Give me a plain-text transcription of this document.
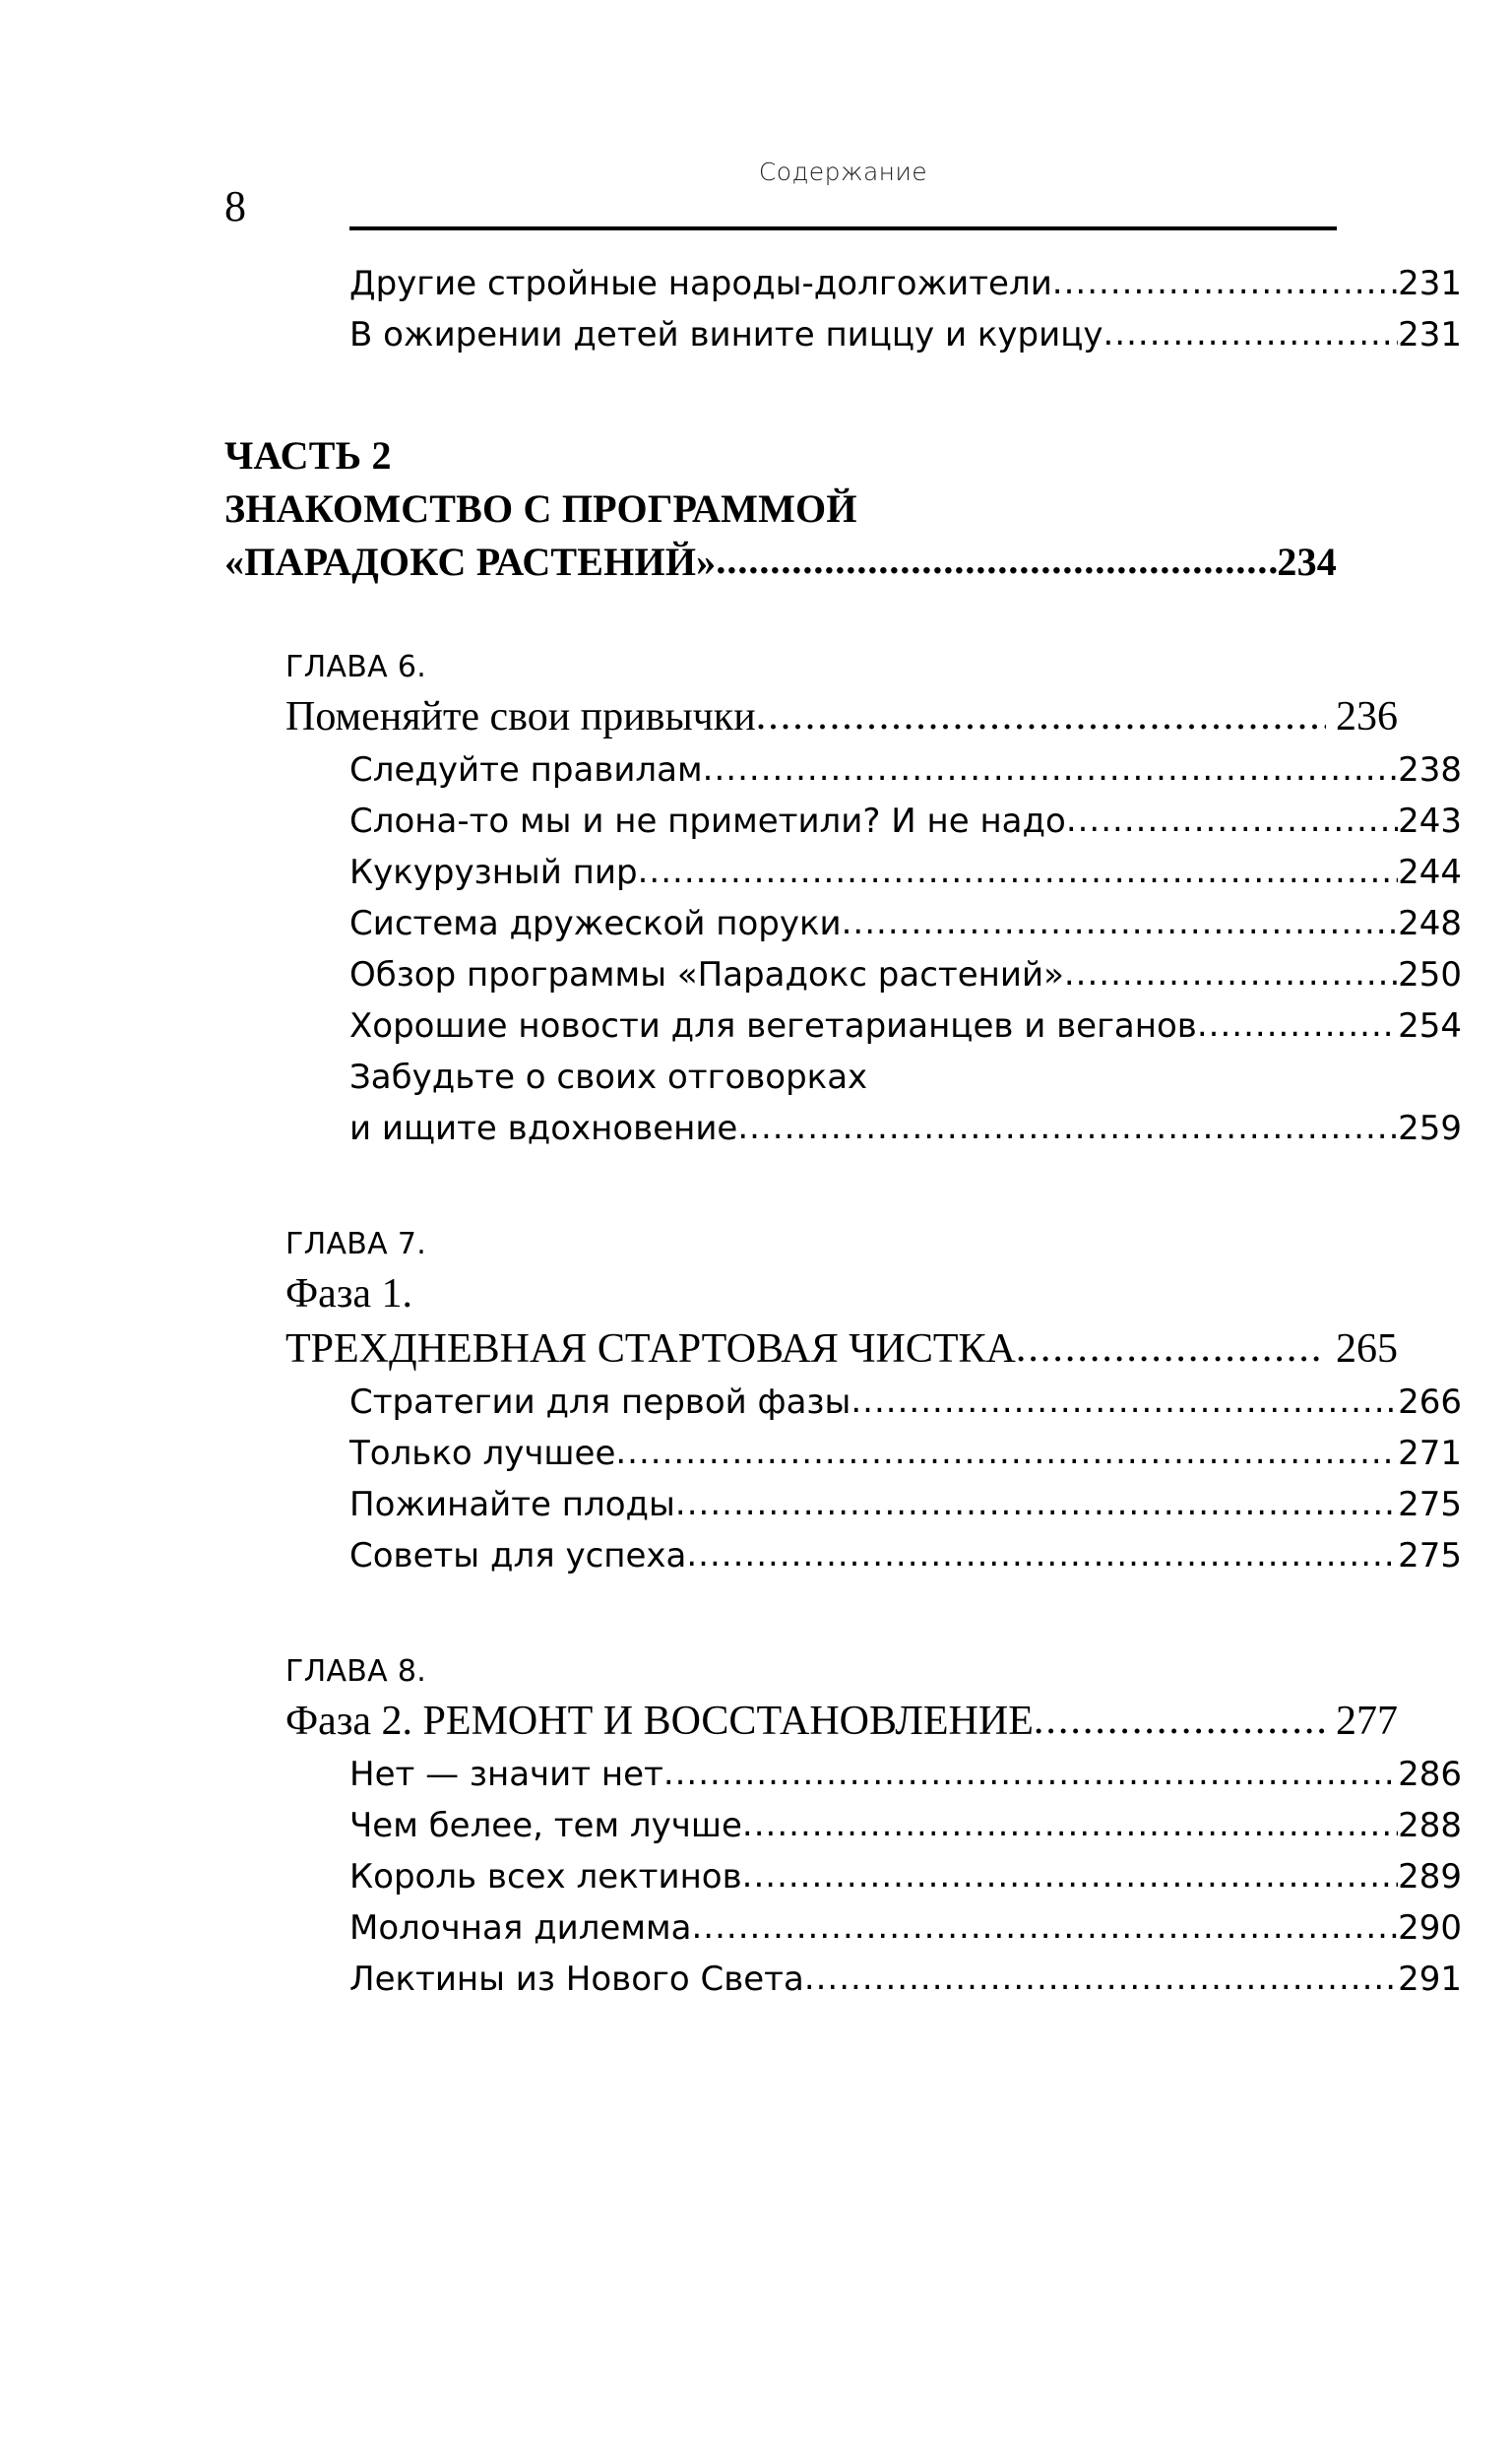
8
Содержание
Другие стройные народы-долгожители .....	231
В ожирении детей вините пиццу и курицу .....	231
ЧАСТЬ 2
ЗНАКОМСТВО С ПРОГРАММОЙ
«ПАРАДОКС РАСТЕНИЙ» .....	234
ГЛАВА 6.
Поменяйте свои привычки .....	236
Следуйте правилам .....	238
Слона-то мы и не приметили? И не надо .....	243
Кукурузный пир .....	244
Система дружеской поруки .....	248
Обзор программы «Парадокс растений» .....	250
Хорошие новости для вегетарианцев и веганов .....	254
Забудьте о своих отговорках
и ищите вдохновение .....	259
ГЛАВА 7.
Фаза 1.
ТРЕХДНЕВНАЯ СТАРТОВАЯ ЧИСТКА .....	265
Стратегии для первой фазы .....	266
Только лучшее .....	271
Пожинайте плоды .....	275
Советы для успеха .....	275
ГЛАВА 8.
Фаза 2. РЕМОНТ И ВОССТАНОВЛЕНИЕ .....	277
Нет — значит нет .....	286
Чем белее, тем лучше .....	288
Король всех лектинов .....	289
Молочная дилемма .....	290
Лектины из Нового Света .....	291
